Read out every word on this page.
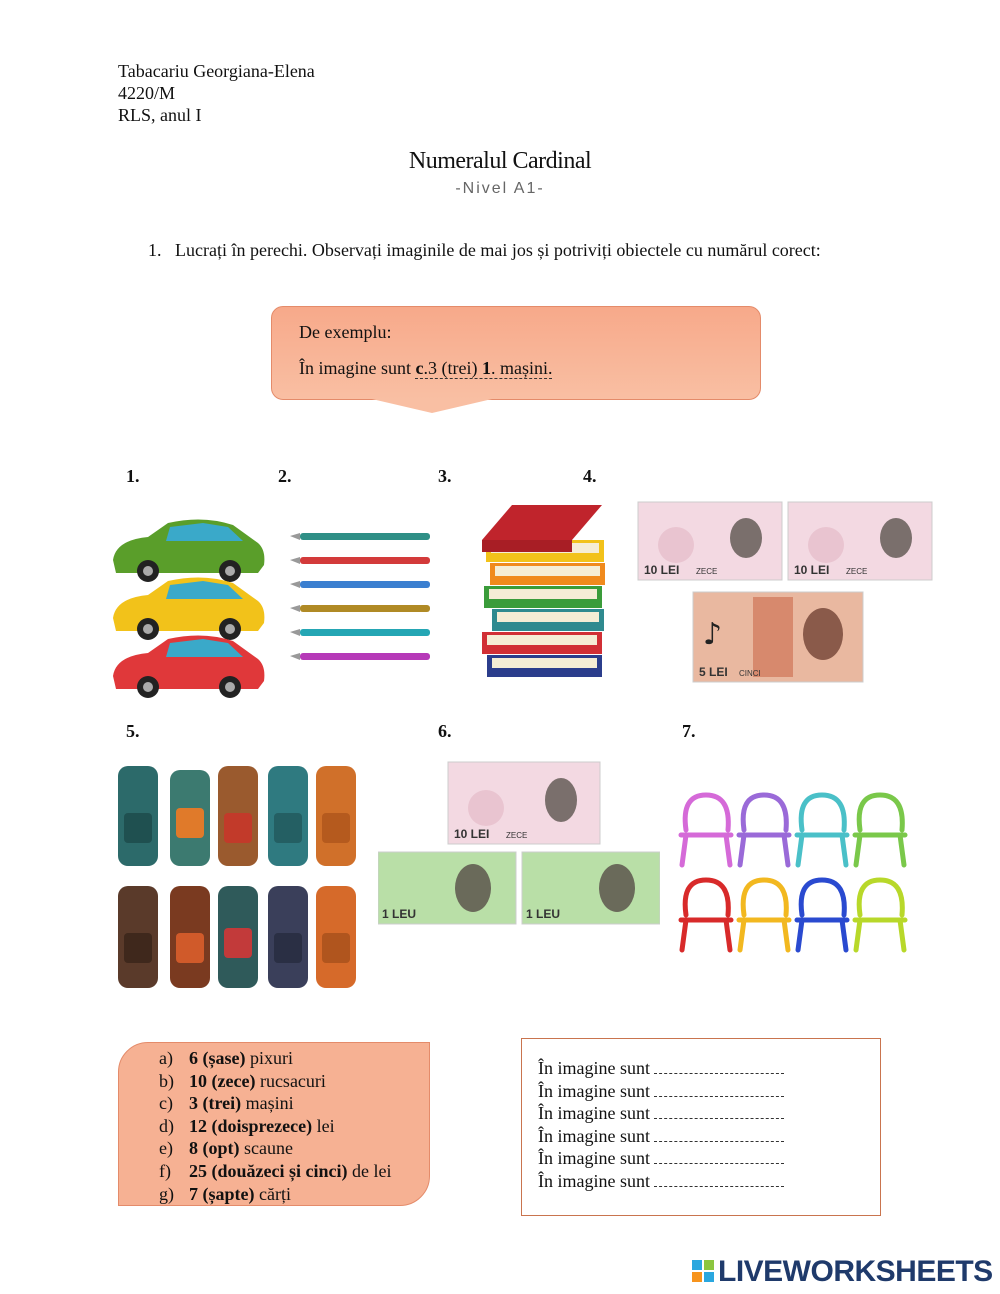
Tabacariu Georgiana-Elena
4220/M
RLS, anul I
Numeralul Cardinal
-Nivel A1-
1. Lucrați în perechi. Observați imaginile de mai jos și potriviți obiectele cu numărul corect:
De exemplu:
În imagine sunt c.3 (trei) 1. mașini.
1.	2.	3.	4.
5.	6.	7.
10 LEI ZECE	10 LEI ZECE
♪
5 LEI CINCI
10 LEI ZECE
1 LEU	1 LEU
a) 6 (șase) pixuri
b) 10 (zece) rucsacuri
c) 3 (trei) mașini
d) 12 (doisprezece) lei
e) 8 (opt) scaune
f) 25 (douăzeci și cinci) de lei
g) 7 (șapte) cărți
În imagine sunt
În imagine sunt
În imagine sunt
În imagine sunt
În imagine sunt
În imagine sunt
LIVEWORKSHEETS
